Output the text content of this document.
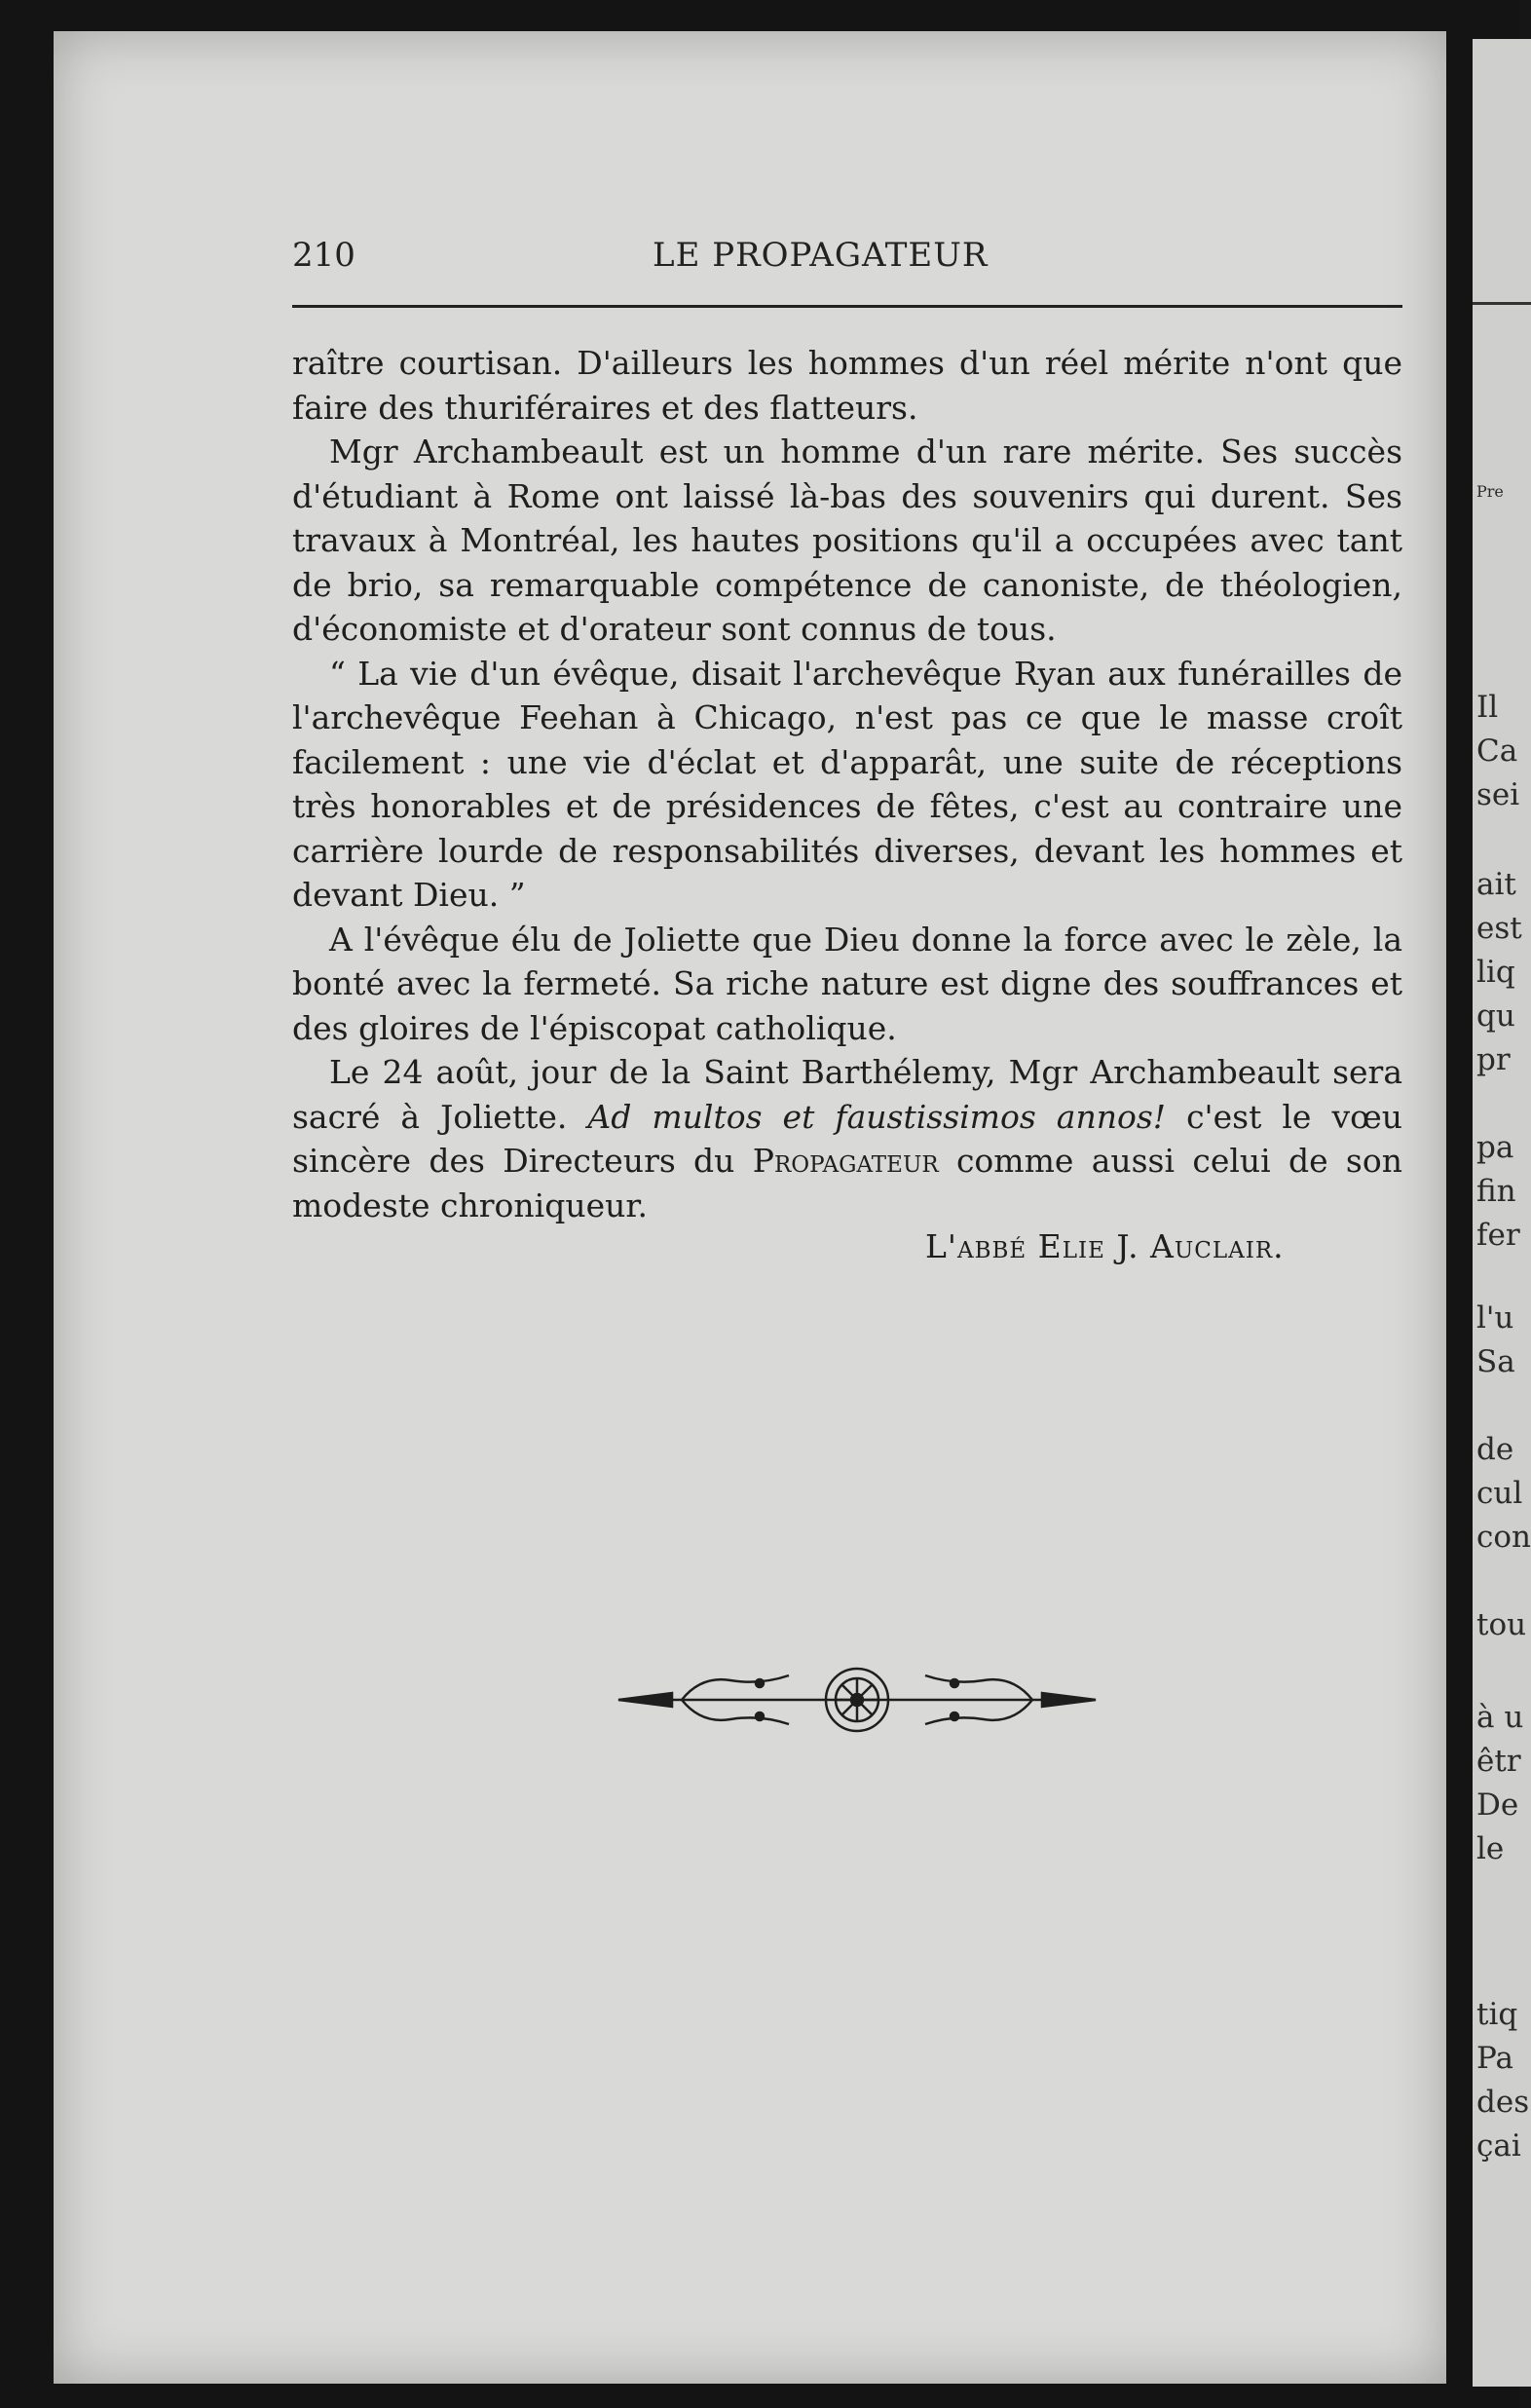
Pre
Il
Ca
sei
ait
est
liq
qu
pr
pa
fin
fer
l'u
Sa
de
cul
con
tou
à u
êtr
De
le
tiq
Pa
des
çai
210	LE PROPAGATEUR

raître courtisan. D'ailleurs les hommes d'un réel mérite n'ont que faire des thuriféraires et des flatteurs.

Mgr Archambeault est un homme d'un rare mérite. Ses succès d'étudiant à Rome ont laissé là-bas des souvenirs qui durent. Ses travaux à Montréal, les hautes positions qu'il a occupées avec tant de brio, sa remarquable compétence de canoniste, de théologien, d'économiste et d'orateur sont connus de tous.

“ La vie d'un évêque, disait l'archevêque Ryan aux funérailles de l'archevêque Feehan à Chicago, n'est pas ce que le masse croît facilement : une vie d'éclat et d'apparât, une suite de réceptions très honorables et de présidences de fêtes, c'est au contraire une carrière lourde de responsabilités diverses, devant les hommes et devant Dieu. ”

A l'évêque élu de Joliette que Dieu donne la force avec le zèle, la bonté avec la fermeté. Sa riche nature est digne des souffrances et des gloires de l'épiscopat catholique.

Le 24 août, jour de la Saint Barthélemy, Mgr Archambeault sera sacré à Joliette. Ad multos et faustissimos annos! c'est le vœu sincère des Directeurs du Propagateur comme aussi celui de son modeste chroniqueur.

L'abbé Elie J. Auclair.
